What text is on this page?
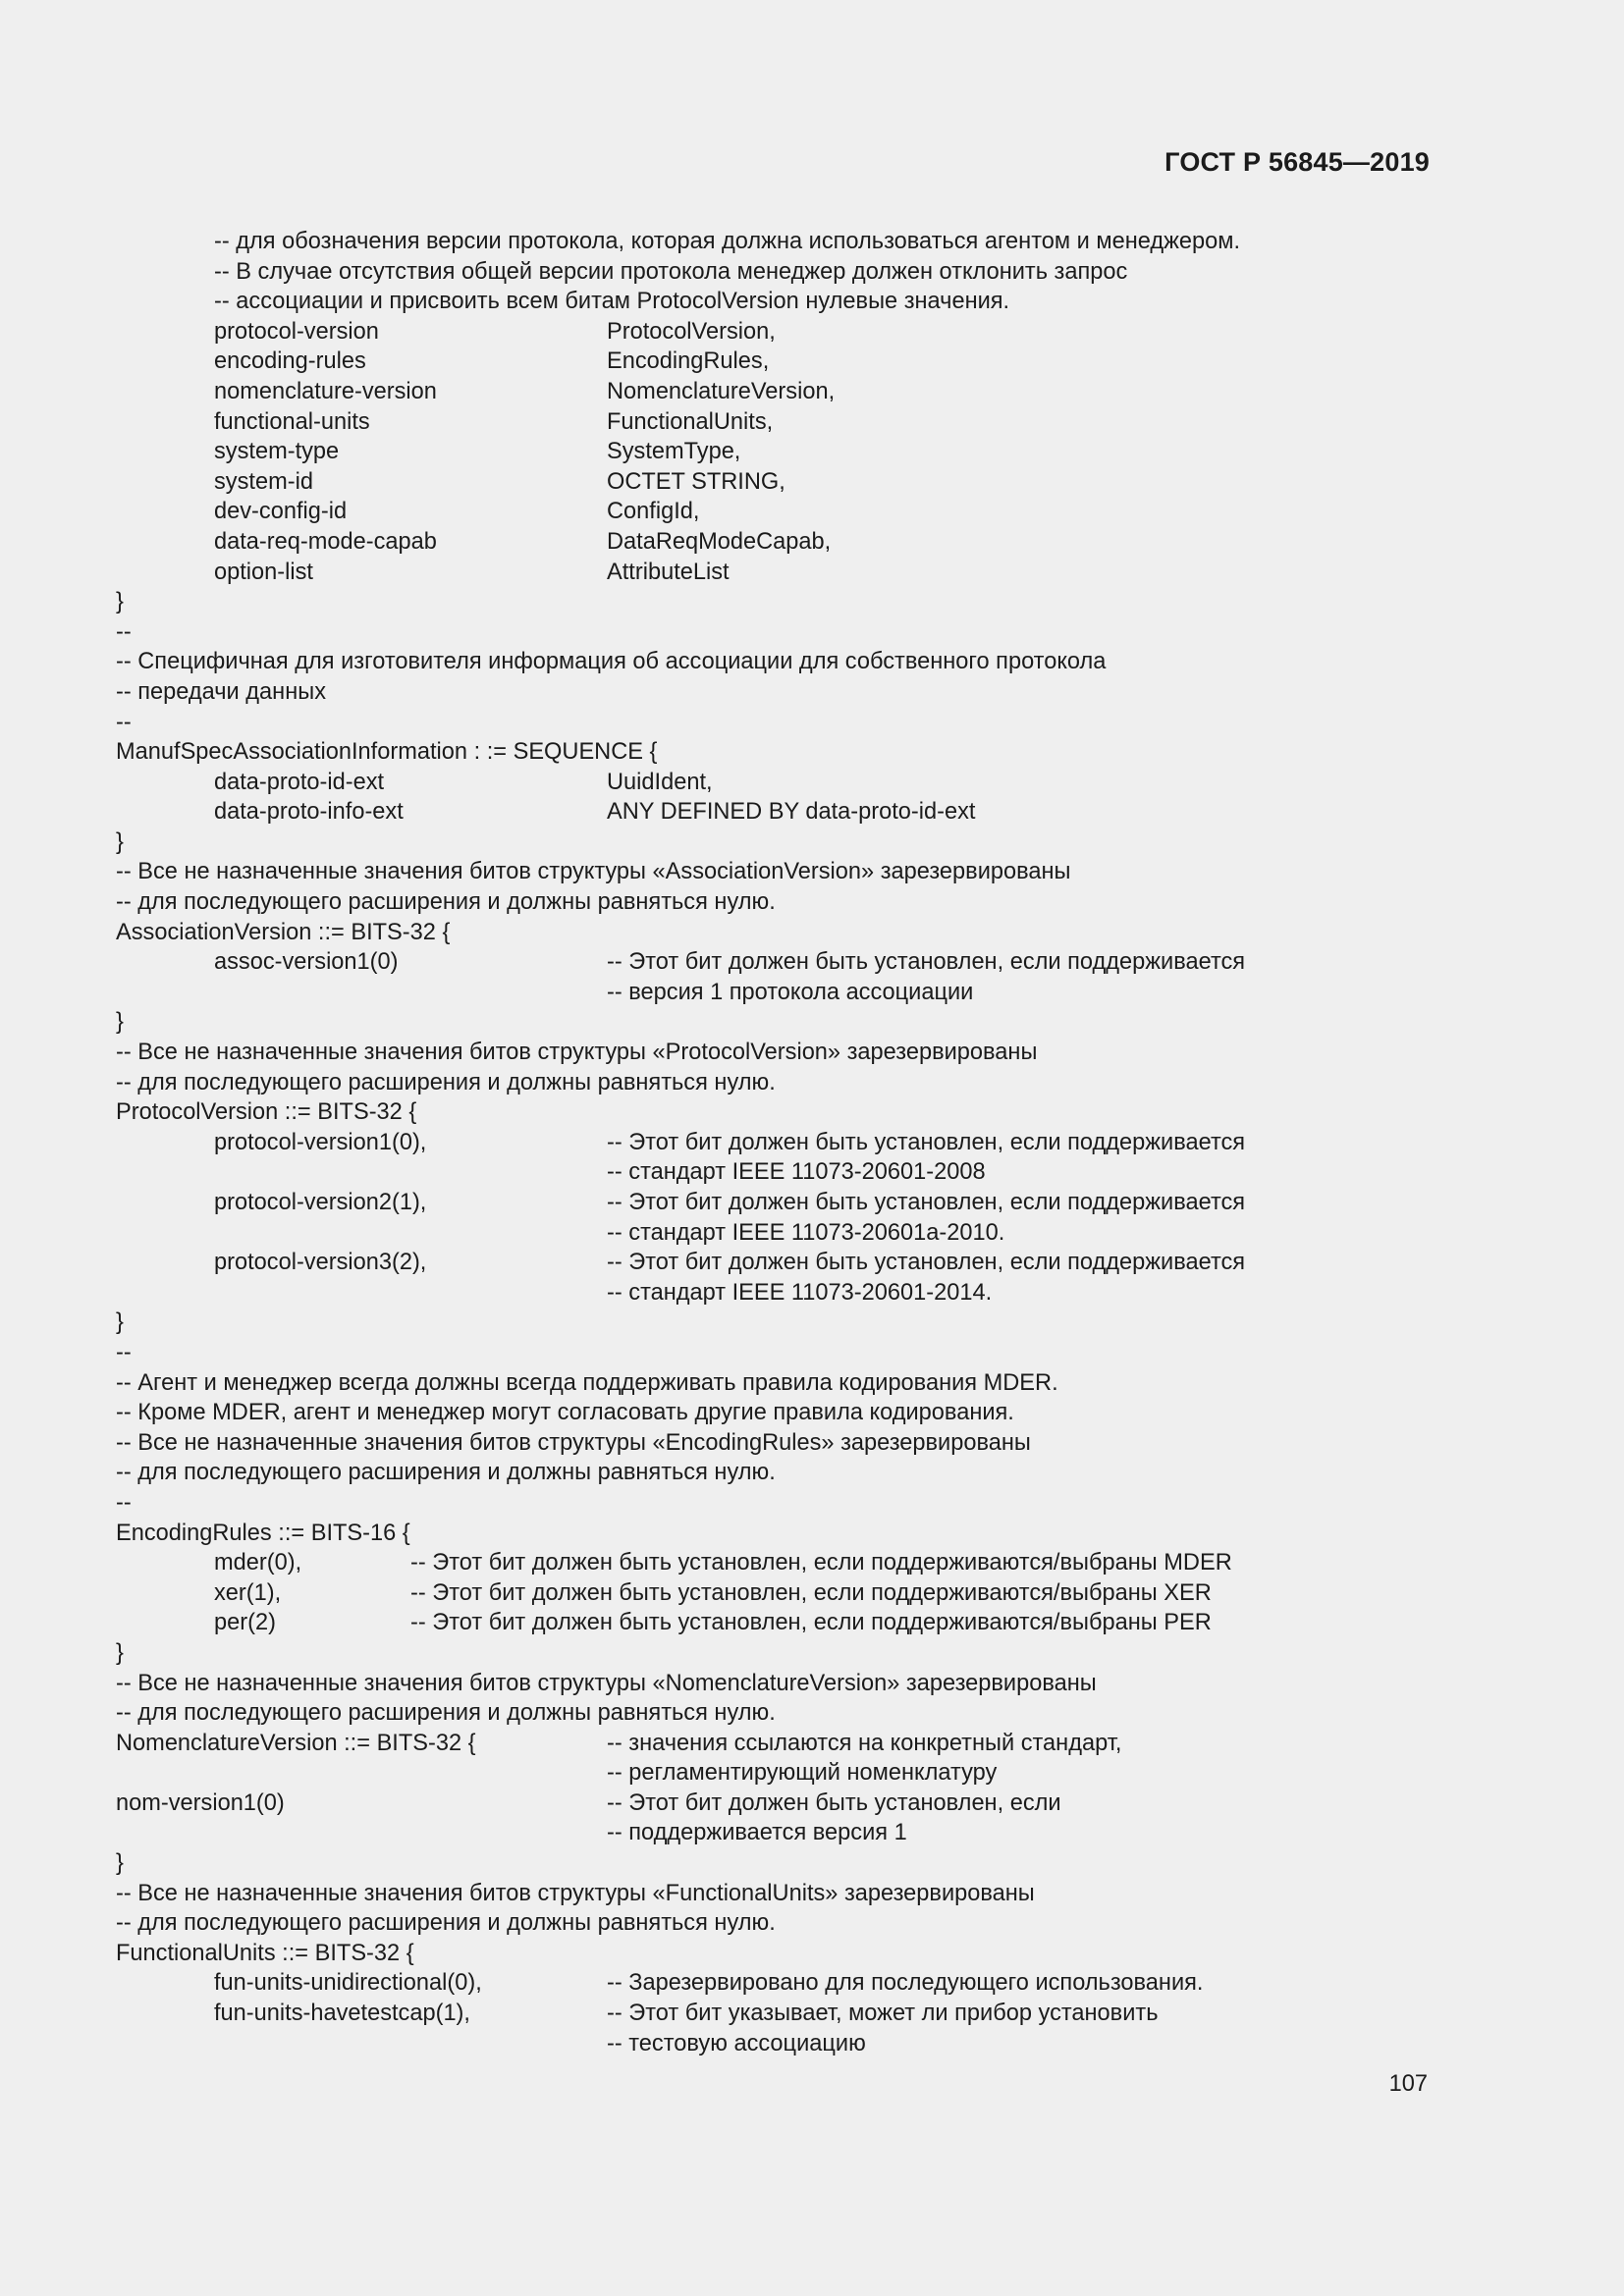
ГОСТ Р 56845—2019
-- для обозначения версии протокола, которая должна использоваться агентом и менеджером.
-- В случае отсутствия общей версии протокола менеджер должен отклонить запрос
-- ассоциации и присвоить всем битам ProtocolVersion нулевые значения.
protocol-version	ProtocolVersion,
encoding-rules	EncodingRules,
nomenclature-version	NomenclatureVersion,
functional-units	FunctionalUnits,
system-type	SystemType,
system-id	OCTET STRING,
dev-config-id	ConfigId,
data-req-mode-capab	DataReqModeCapab,
option-list	AttributeList
}
--
-- Специфичная для изготовителя информация об ассоциации для собственного протокола
-- передачи данных
--
ManufSpecAssociationInformation : := SEQUENCE {
data-proto-id-ext	UuidIdent,
data-proto-info-ext	ANY DEFINED BY data-proto-id-ext
}
-- Все не назначенные значения битов структуры «AssociationVersion» зарезервированы
-- для последующего расширения и должны равняться нулю.
AssociationVersion ::= BITS-32 {
assoc-version1(0)	-- Этот бит должен быть установлен, если поддерживается
-- версия 1 протокола ассоциации
}
-- Все не назначенные значения битов структуры «ProtocolVersion» зарезервированы
-- для последующего расширения и должны равняться нулю.
ProtocolVersion ::= BITS-32 {
protocol-version1(0),	-- Этот бит должен быть установлен, если поддерживается
-- стандарт IEEE 11073-20601-2008
protocol-version2(1),	-- Этот бит должен быть установлен, если поддерживается
-- стандарт IEEE 11073-20601a-2010.
protocol-version3(2),	-- Этот бит должен быть установлен, если поддерживается
-- стандарт IEEE 11073-20601-2014.
}
--
-- Агент и менеджер всегда должны всегда поддерживать правила кодирования MDER.
-- Кроме MDER, агент и менеджер могут согласовать другие правила кодирования.
-- Все не назначенные значения битов структуры «EncodingRules» зарезервированы
-- для последующего расширения и должны равняться нулю.
--
EncodingRules ::= BITS-16 {
mder(0),	-- Этот бит должен быть установлен, если поддерживаются/выбраны MDER
xer(1),	-- Этот бит должен быть установлен, если поддерживаются/выбраны XER
per(2)	-- Этот бит должен быть установлен, если поддерживаются/выбраны PER
}
-- Все не назначенные значения битов структуры «NomenclatureVersion» зарезервированы
-- для последующего расширения и должны равняться нулю.
NomenclatureVersion ::= BITS-32 {	-- значения ссылаются на конкретный стандарт,
-- регламентирующий номенклатуру
nom-version1(0)	-- Этот бит должен быть установлен, если
-- поддерживается версия 1
}
-- Все не назначенные значения битов структуры «FunctionalUnits» зарезервированы
-- для последующего расширения и должны равняться нулю.
FunctionalUnits ::= BITS-32 {
fun-units-unidirectional(0),	-- Зарезервировано для последующего использования.
fun-units-havetestcap(1),	-- Этот бит указывает, может ли прибор установить
-- тестовую ассоциацию
107
